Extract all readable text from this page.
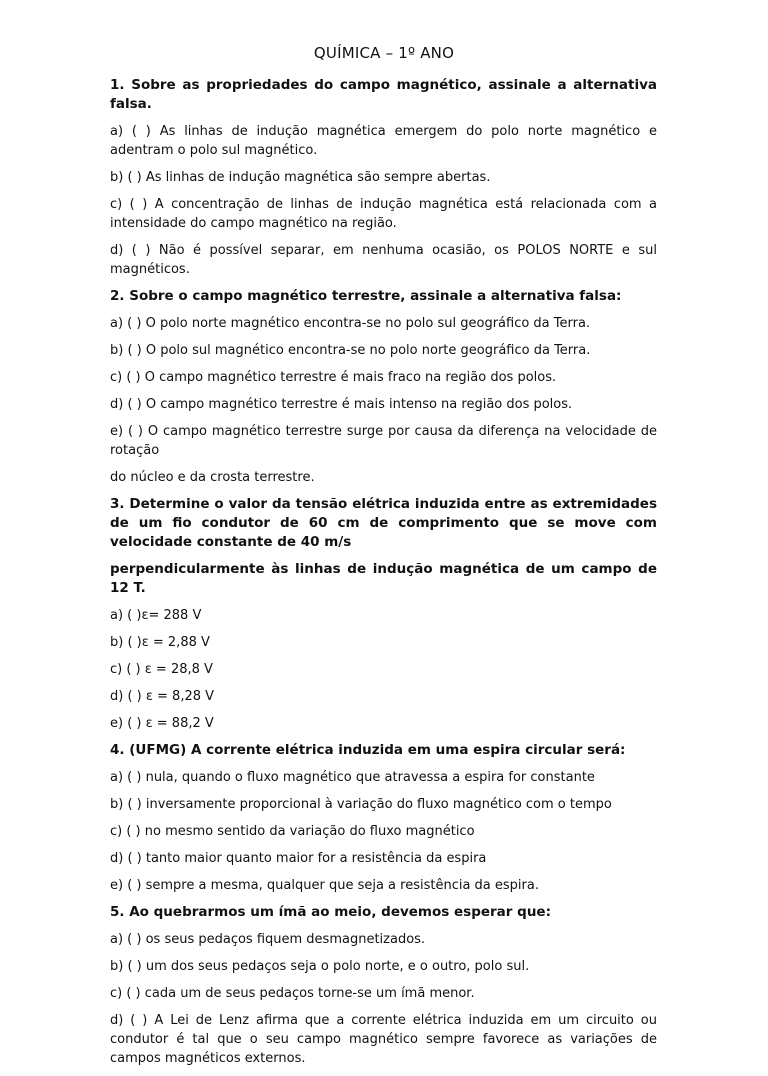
QUÍMICA – 1º ANO

1. Sobre as propriedades do campo magnético, assinale a alternativa falsa.

a) ( ) As linhas de indução magnética emergem do polo norte magnético e adentram o polo sul magnético.

b) ( ) As linhas de indução magnética são sempre abertas.

c) ( ) A concentração de linhas de indução magnética está relacionada com a intensidade do campo magnético na região.

d) ( ) Não é possível separar, em nenhuma ocasião, os POLOS NORTE e sul magnéticos.

2. Sobre o campo magnético terrestre, assinale a alternativa falsa:

a) ( ) O polo norte magnético encontra-se no polo sul geográfico da Terra.

b) ( ) O polo sul magnético encontra-se no polo norte geográfico da Terra.

c) ( ) O campo magnético terrestre é mais fraco na região dos polos.

d) ( ) O campo magnético terrestre é mais intenso na região dos polos.

e) ( ) O campo magnético terrestre surge por causa da diferença na velocidade de rotação

do núcleo e da crosta terrestre.

3. Determine o valor da tensão elétrica induzida entre as extremidades de um fio condutor de 60 cm de comprimento que se move com velocidade constante de 40 m/s

perpendicularmente às linhas de indução magnética de um campo de 12 T.

a) ( )ε= 288 V

b) ( )ε = 2,88 V

c) ( ) ε = 28,8 V

d) ( ) ε = 8,28 V

e) ( ) ε = 88,2 V

4. (UFMG) A corrente elétrica induzida em uma espira circular será:

a) ( ) nula, quando o fluxo magnético que atravessa a espira for constante

b) ( ) inversamente proporcional à variação do fluxo magnético com o tempo

c) ( ) no mesmo sentido da variação do fluxo magnético

d) ( ) tanto maior quanto maior for a resistência da espira

e) ( ) sempre a mesma, qualquer que seja a resistência da espira.

5. Ao quebrarmos um ímã ao meio, devemos esperar que:

a) ( ) os seus pedaços fiquem desmagnetizados.

b) ( ) um dos seus pedaços seja o polo norte, e o outro, polo sul.

c) ( ) cada um de seus pedaços torne-se um ímã menor.

d) ( ) A Lei de Lenz afirma que a corrente elétrica induzida em um circuito ou condutor é tal que o seu campo magnético sempre favorece as variações de campos magnéticos externos.
